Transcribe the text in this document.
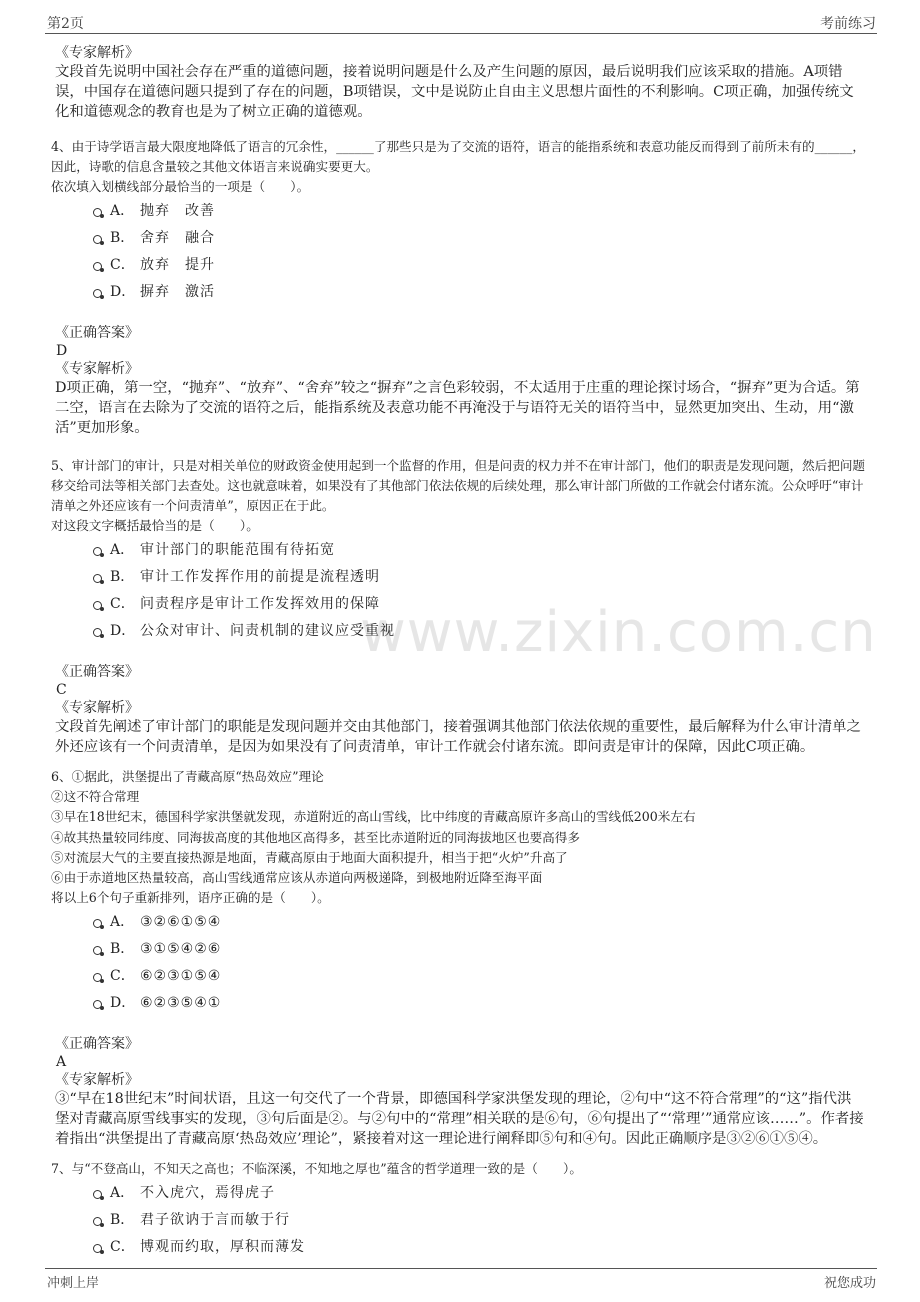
第2页	考前练习
www.zixin.com.cn

《专家解析》

文段首先说明中国社会存在严重的道德问题，接着说明问题是什么及产生问题的原因，最后说明我们应该采取的措施。A项错误，中国存在道德问题只提到了存在的问题，B项错误，文中是说防止自由主义思想片面性的不利影响。C项正确，加强传统文化和道德观念的教育也是为了树立正确的道德观。

4、由于诗学语言最大限度地降低了语言的冗余性，______了那些只是为了交流的语符，语言的能指系统和表意功能反而得到了前所未有的______，因此，诗歌的信息含量较之其他文体语言来说确实要更大。

依次填入划横线部分最恰当的一项是（　　）。

A． 抛弃　改善
B． 舍弃　融合
C． 放弃　提升
D． 摒弃　激活

《正确答案》

D

《专家解析》

D项正确，第一空，“抛弃”、“放弃”、“舍弃”较之“摒弃”之言色彩较弱，不太适用于庄重的理论探讨场合，“摒弃”更为合适。第二空，语言在去除为了交流的语符之后，能指系统及表意功能不再淹没于与语符无关的语符当中，显然更加突出、生动，用“激活”更加形象。

5、审计部门的审计，只是对相关单位的财政资金使用起到一个监督的作用，但是问责的权力并不在审计部门，他们的职责是发现问题，然后把问题移交给司法等相关部门去查处。这也就意味着，如果没有了其他部门依法依规的后续处理，那么审计部门所做的工作就会付诸东流。公众呼吁“审计清单之外还应该有一个问责清单”，原因正在于此。

对这段文字概括最恰当的是（　　）。

A． 审计部门的职能范围有待拓宽
B． 审计工作发挥作用的前提是流程透明
C． 问责程序是审计工作发挥效用的保障
D． 公众对审计、问责机制的建议应受重视

《正确答案》

C

《专家解析》

文段首先阐述了审计部门的职能是发现问题并交由其他部门，接着强调其他部门依法依规的重要性，最后解释为什么审计清单之外还应该有一个问责清单，是因为如果没有了问责清单，审计工作就会付诸东流。即问责是审计的保障，因此C项正确。

6、①据此，洪堡提出了青藏高原“热岛效应”理论

②这不符合常理

③早在18世纪末，德国科学家洪堡就发现，赤道附近的高山雪线，比中纬度的青藏高原许多高山的雪线低200米左右

④故其热量较同纬度、同海拔高度的其他地区高得多，甚至比赤道附近的同海拔地区也要高得多

⑤对流层大气的主要直接热源是地面，青藏高原由于地面大面积提升，相当于把“火炉”升高了

⑥由于赤道地区热量较高，高山雪线通常应该从赤道向两极递降，到极地附近降至海平面

将以上6个句子重新排列，语序正确的是（　　）。

A． ③②⑥①⑤④
B． ③①⑤④②⑥
C． ⑥②③①⑤④
D． ⑥②③⑤④①

《正确答案》

A

《专家解析》

③“早在18世纪末”时间状语，且这一句交代了一个背景，即德国科学家洪堡发现的理论，②句中“这不符合常理”的“这”指代洪堡对青藏高原雪线事实的发现，③句后面是②。与②句中的“常理”相关联的是⑥句，⑥句提出了“‘常理’”通常应该……”。作者接着指出“洪堡提出了青藏高原‘热岛效应’理论”，紧接着对这一理论进行阐释即⑤句和④句。因此正确顺序是③②⑥①⑤④。

7、与“不登高山，不知天之高也；不临深溪，不知地之厚也”蕴含的哲学道理一致的是（　　）。

A． 不入虎穴，焉得虎子
B． 君子欲讷于言而敏于行
C． 博观而约取，厚积而薄发
冲刺上岸	祝您成功
